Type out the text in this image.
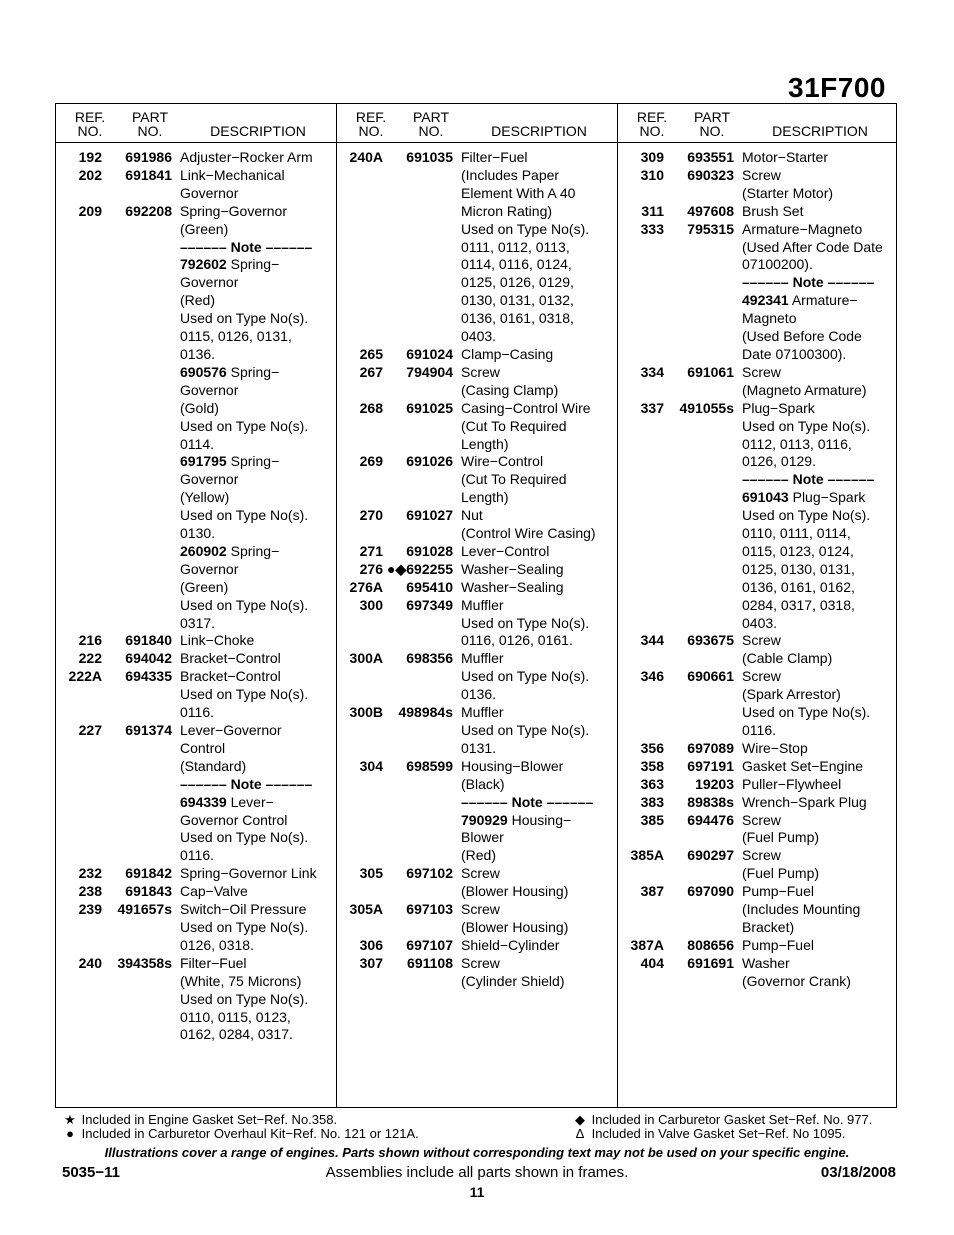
31F700
REF.
NO.
PART
NO.	DESCRIPTION
192	691986 Adjuster−Rocker Arm
202	691841 Link−Mechanical
Governor
209	692208 Spring−Governor
(Green)
–––––– Note ––––––
792602 Spring−
Governor
(Red)
Used on Type No(s).
0115, 0126, 0131,
0136.
690576 Spring−
Governor
(Gold)
Used on Type No(s).
0114.
691795 Spring−
Governor
(Yellow)
Used on Type No(s).
0130.
260902 Spring−
Governor
(Green)
Used on Type No(s).
0317.
216	691840 Link−Choke
222	694042 Bracket−Control
222A	694335 Bracket−Control
Used on Type No(s).
0116.
227	691374 Lever−Governor
Control
(Standard)
–––––– Note ––––––
694339 Lever−
Governor Control
Used on Type No(s).
0116.
232	691842 Spring−Governor Link
238	691843 Cap−Valve
239	491657s Switch−Oil Pressure
Used on Type No(s).
0126, 0318.
240	394358s Filter−Fuel
(White, 75 Microns)
Used on Type No(s).
0110, 0115, 0123,
0162, 0284, 0317.
REF.
NO.
PART
NO.	DESCRIPTION
240A	691035 Filter−Fuel
(Includes Paper
Element With A 40
Micron Rating)
Used on Type No(s).
0111, 0112, 0113,
0114, 0116, 0124,
0125, 0126, 0129,
0130, 0131, 0132,
0136, 0161, 0318,
0403.
265	691024 Clamp−Casing
267	794904 Screw
(Casing Clamp)
268	691025 Casing−Control Wire
(Cut To Required
Length)
269	691026 Wire−Control
(Cut To Required
Length)
270	691027 Nut
(Control Wire Casing)
271	691028 Lever−Control
276 ●◆692255 Washer−Sealing
276A	695410 Washer−Sealing
300	697349 Muffler
Used on Type No(s).
0116, 0126, 0161.
300A	698356 Muffler
Used on Type No(s).
0136.
300B	498984s Muffler
Used on Type No(s).
0131.
304	698599 Housing−Blower
(Black)
–––––– Note ––––––
790929 Housing−
Blower
(Red)
305	697102 Screw
(Blower Housing)
305A	697103 Screw
(Blower Housing)
306	697107 Shield−Cylinder
307	691108 Screw
(Cylinder Shield)
REF.
NO.
PART
NO.	DESCRIPTION
309	693551 Motor−Starter
310	690323 Screw
(Starter Motor)
311	497608 Brush Set
333	795315 Armature−Magneto
(Used After Code Date
07100200).
–––––– Note ––––––
492341 Armature−
Magneto
(Used Before Code
Date 07100300).
334	691061 Screw
(Magneto Armature)
337	491055s Plug−Spark
Used on Type No(s).
0112, 0113, 0116,
0126, 0129.
–––––– Note ––––––
691043 Plug−Spark
Used on Type No(s).
0110, 0111, 0114,
0115, 0123, 0124,
0125, 0130, 0131,
0136, 0161, 0162,
0284, 0317, 0318,
0403.
344	693675 Screw
(Cable Clamp)
346	690661 Screw
(Spark Arrestor)
Used on Type No(s).
0116.
356	697089 Wire−Stop
358	697191 Gasket Set−Engine
363	19203 Puller−Flywheel
383	89838s Wrench−Spark Plug
385	694476 Screw
(Fuel Pump)
385A	690297 Screw
(Fuel Pump)
387	697090 Pump−Fuel
(Includes Mounting
Bracket)
387A	808656 Pump−Fuel
404	691691 Washer
(Governor Crank)
★ Included in Engine Gasket Set−Ref. No.358.
● Included in Carburetor Overhaul Kit−Ref. No. 121 or 121A.
◆ Included in Carburetor Gasket Set−Ref. No. 977.
∆ Included in Valve Gasket Set−Ref. No 1095.
Illustrations cover a range of engines. Parts shown without corresponding text may not be used on your specific engine.
5035−11	Assemblies include all parts shown in frames.	03/18/2008
11
